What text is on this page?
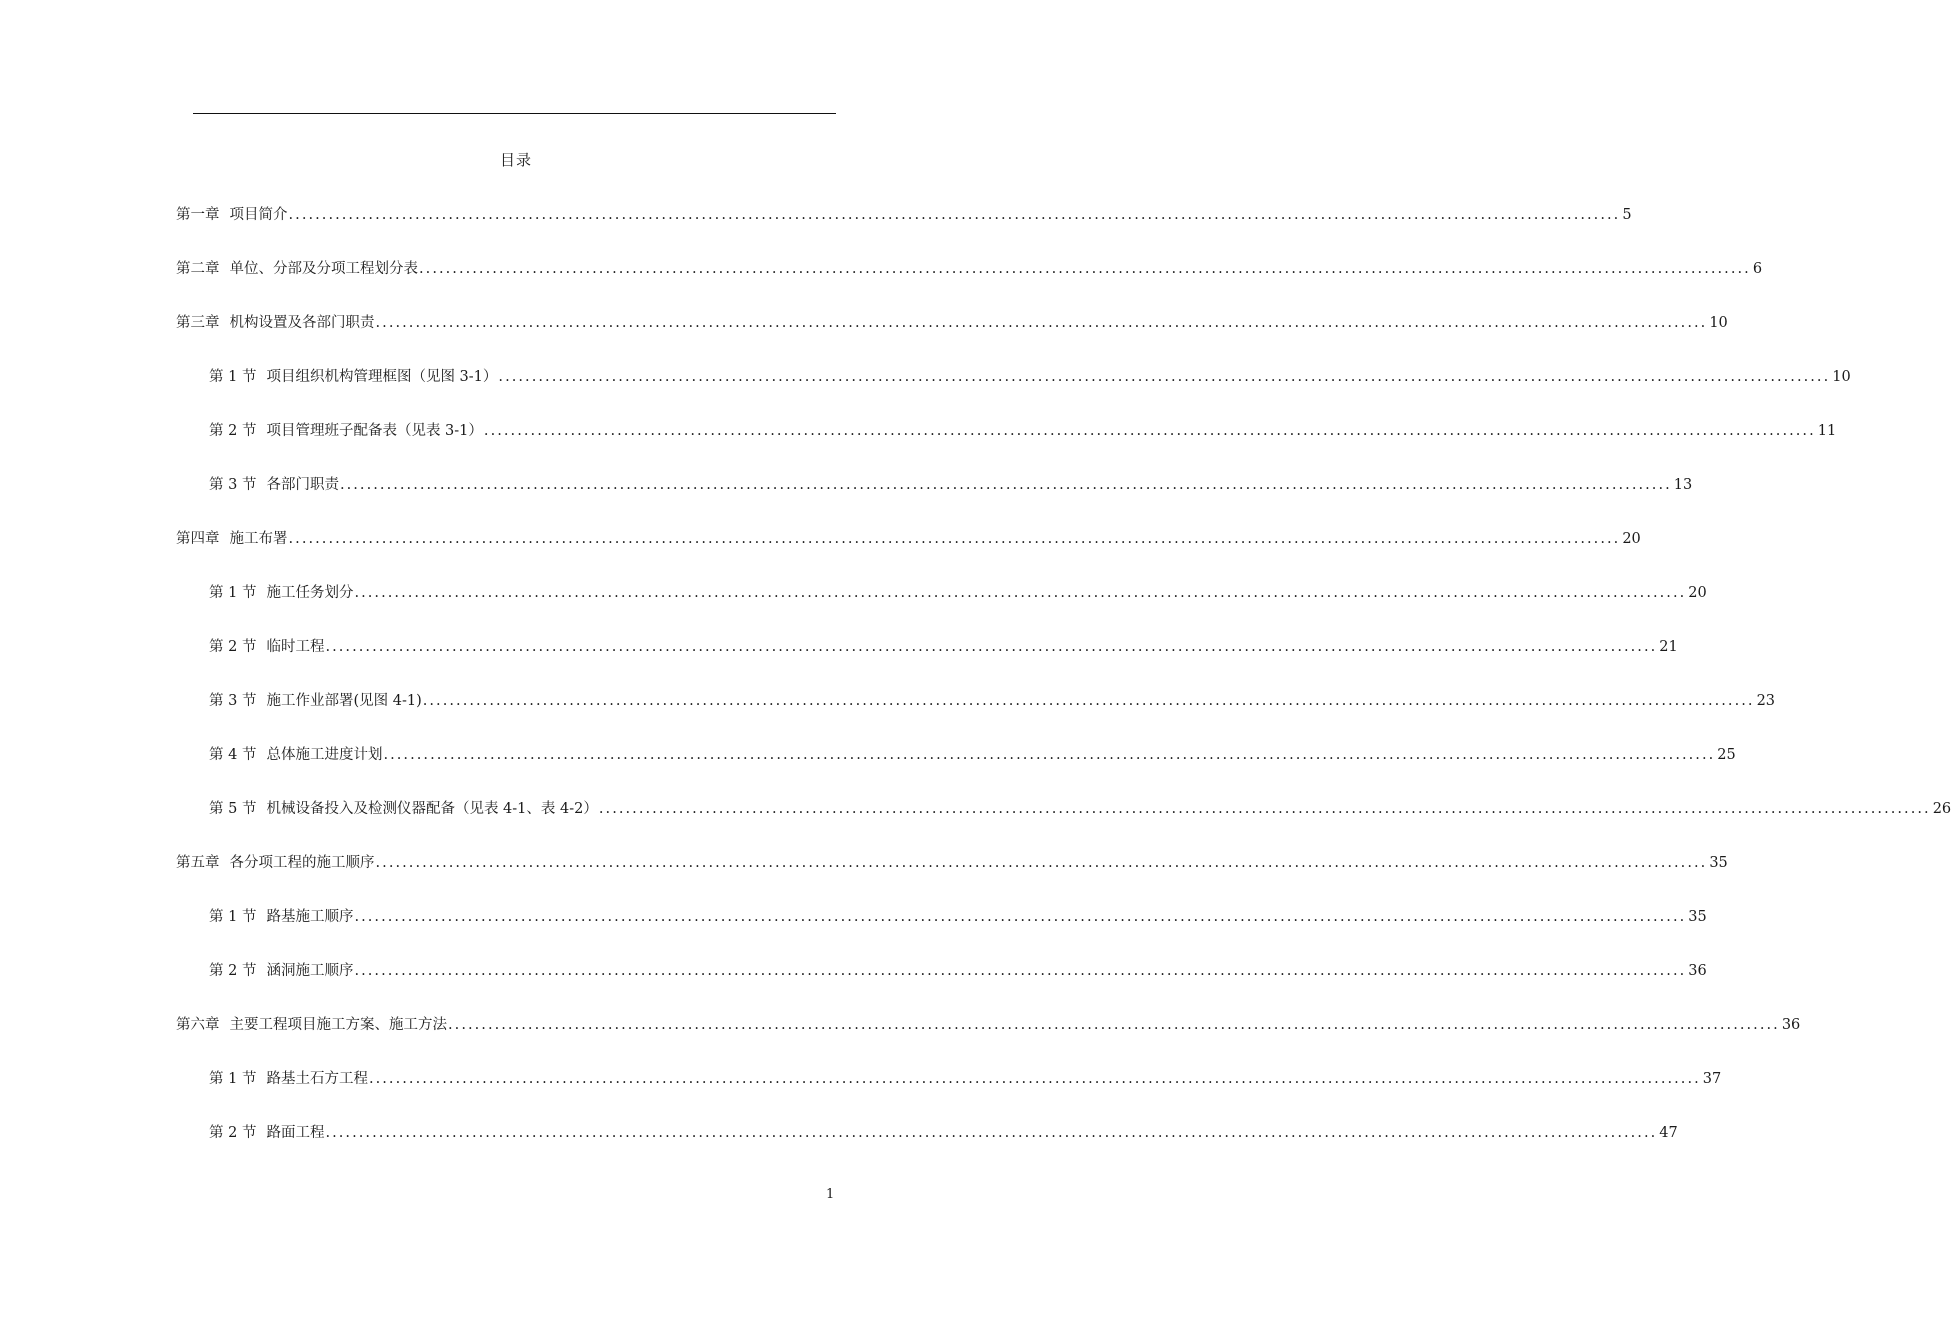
目录
第一章 项目简介 ........................................................................................................................................................................................................ 5
第二章 单位、分部及分项工程划分表 ........................................................................................................................................................................................................ 6
第三章 机构设置及各部门职责 ........................................................................................................................................................................................................ 10
第 1 节 项目组织机构管理框图（见图 3-1） ........................................................................................................................................................................................................ 10
第 2 节 项目管理班子配备表（见表 3-1） ........................................................................................................................................................................................................ 11
第 3 节 各部门职责 ........................................................................................................................................................................................................ 13
第四章 施工布署 ........................................................................................................................................................................................................ 20
第 1 节 施工任务划分 ........................................................................................................................................................................................................ 20
第 2 节 临时工程 ........................................................................................................................................................................................................ 21
第 3 节 施工作业部署(见图 4-1) ........................................................................................................................................................................................................ 23
第 4 节 总体施工进度计划 ........................................................................................................................................................................................................ 25
第 5 节 机械设备投入及检测仪器配备（见表 4-1、表 4-2） ........................................................................................................................................................................................................ 26
第五章 各分项工程的施工顺序 ........................................................................................................................................................................................................ 35
第 1 节 路基施工顺序 ........................................................................................................................................................................................................ 35
第 2 节 涵洞施工顺序 ........................................................................................................................................................................................................ 36
第六章 主要工程项目施工方案、施工方法 ........................................................................................................................................................................................................ 36
第 1 节 路基土石方工程 ........................................................................................................................................................................................................ 37
第 2 节 路面工程 ........................................................................................................................................................................................................ 47
1
